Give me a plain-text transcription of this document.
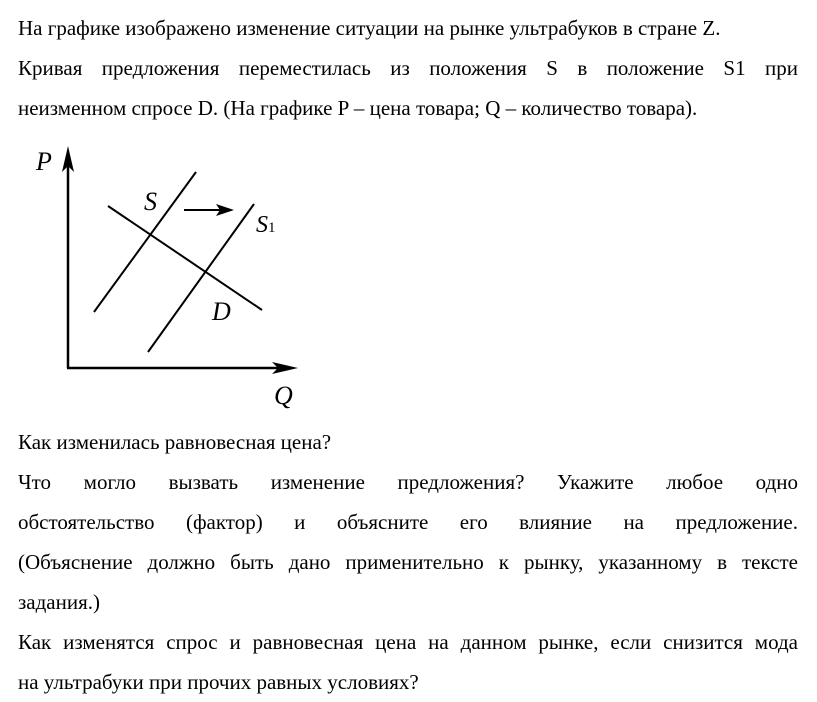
На графике изображено изменение ситуации на рынке ультрабуков в стране Z.
Кривая предложения переместилась из положения S в положение S1 при
неизменном спросе D. (На графике P – цена товара; Q – количество товара).
P
Q
S
S1
D
Как изменилась равновесная цена?
Что могло вызвать изменение предложения? Укажите любое одно
обстоятельство (фактор) и объясните его влияние на предложение.
(Объяснение должно быть дано применительно к рынку, указанному в тексте
задания.)
Как изменятся спрос и равновесная цена на данном рынке, если снизится мода
на ультрабуки при прочих равных условиях?
